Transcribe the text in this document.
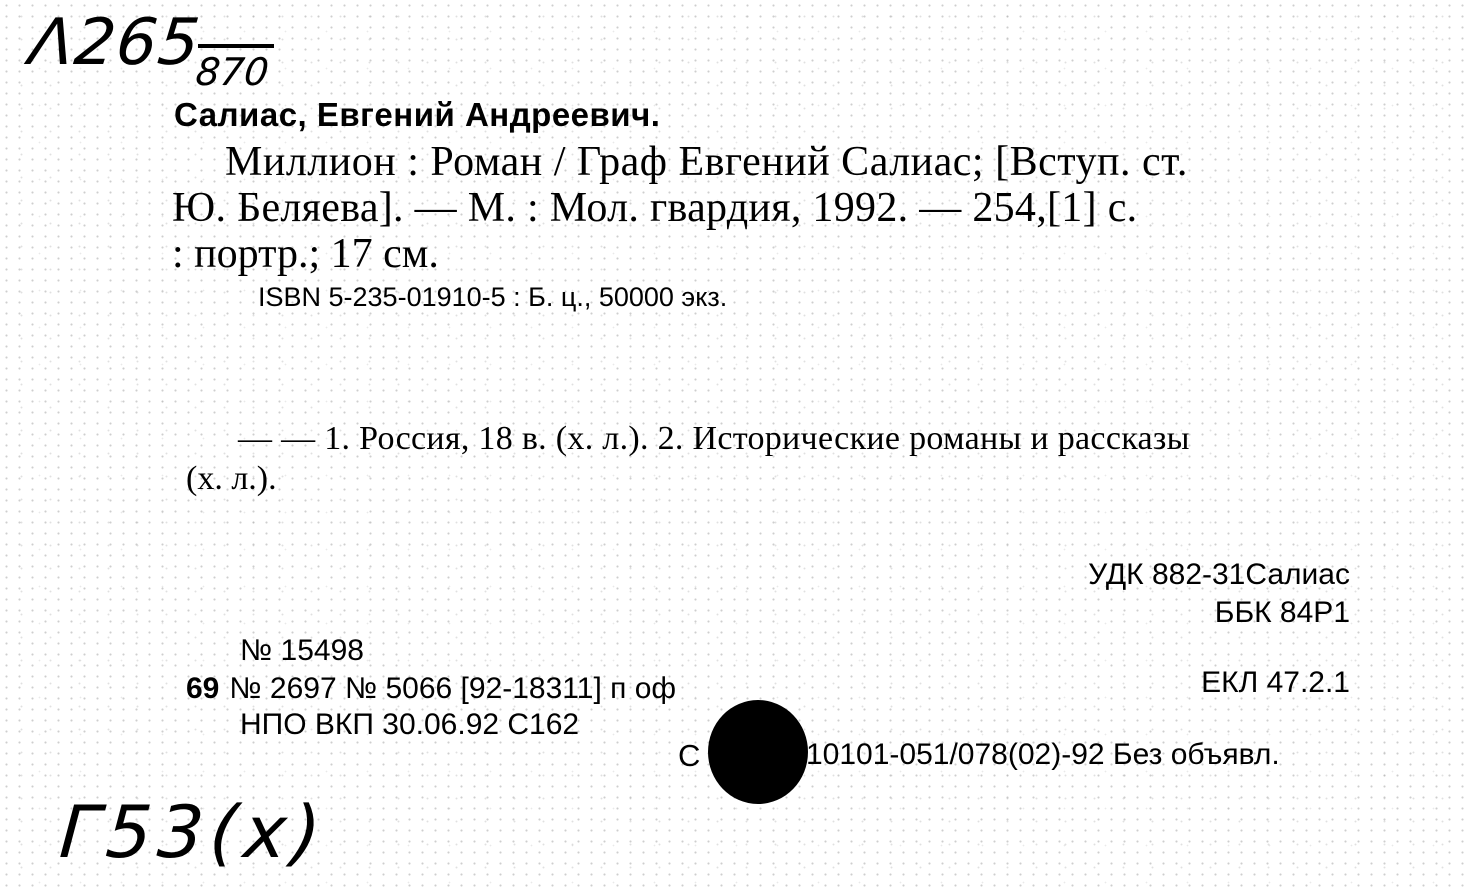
Λ265
870
Салиас, Евгений Андреевич.
Миллион : Роман / Граф Евгений Салиас; [Вступ. ст.
Ю. Беляева]. — М. : Мол. гвардия, 1992. — 254,[1] с.
: портр.; 17 см.
ISBN 5-235-01910-5 : Б. ц., 50000 экз.
— — 1. Россия, 18 в. (х. л.). 2. Исторические романы и рассказы
(х. л.).
УДК 882-31Салиас
ББК 84Р1
ЕКЛ 47.2.1
№ 15498
69 № 2697 № 5066 [92-18311] п оф
НПО ВКП 30.06.92 С162
С	10101-051/078(02)-92 Без объявл.
Г53(х)
